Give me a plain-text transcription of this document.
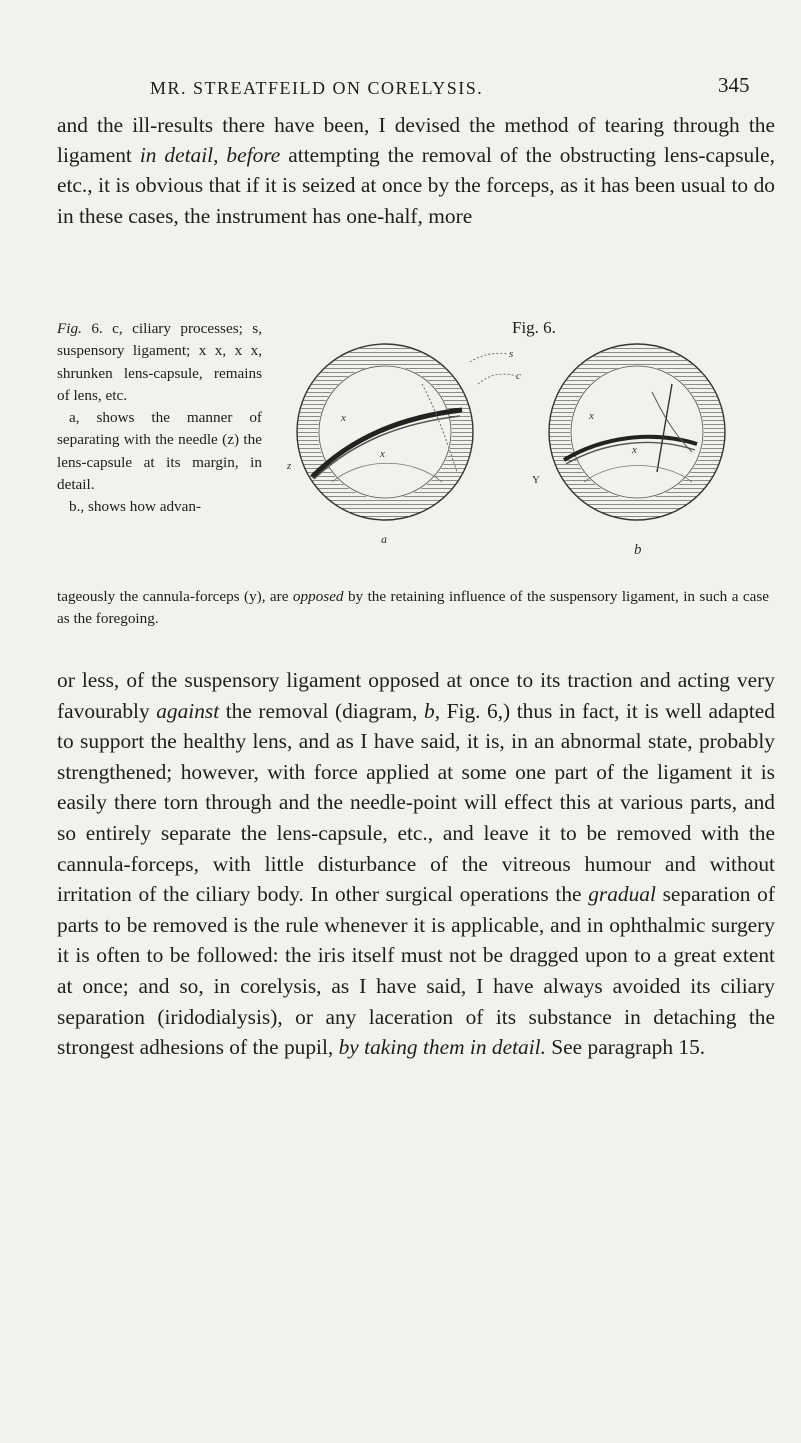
MR. STREATFEILD ON CORELYSIS.	345

and the ill-results there have been, I devised the method of tearing through the ligament in detail, before attempting the removal of the obstructing lens-capsule, etc., it is obvious that if it is seized at once by the forceps, as it has been usual to do in these cases, the instrument has one-half, more

Fig. 6. c, ciliary processes; s, suspensory ligament; x x, x x, shrunken lens-capsule, remains of lens, etc.
a, shows the manner of separating with the needle (z) the lens-capsule at its margin, in detail.
b., shows how advan-
Fig. 6.
s
c
x
x
x
x
z
Y
a
b
tageously the cannula-forceps (y), are opposed by the retaining influence of the suspensory ligament, in such a case as the foregoing.

or less, of the suspensory ligament opposed at once to its traction and acting very favourably against the removal (diagram, b, Fig. 6,) thus in fact, it is well adapted to support the healthy lens, and as I have said, it is, in an abnormal state, probably strengthened; however, with force applied at some one part of the ligament it is easily there torn through and the needle-point will effect this at various parts, and so entirely separate the lens-capsule, etc., and leave it to be removed with the cannula-forceps, with little disturbance of the vitreous humour and without irritation of the ciliary body. In other surgical operations the gradual separation of parts to be removed is the rule whenever it is applicable, and in ophthalmic surgery it is often to be followed: the iris itself must not be dragged upon to a great extent at once; and so, in corelysis, as I have said, I have always avoided its ciliary separation (iridodialysis), or any laceration of its substance in detaching the strongest adhesions of the pupil, by taking them in detail. See paragraph 15.
